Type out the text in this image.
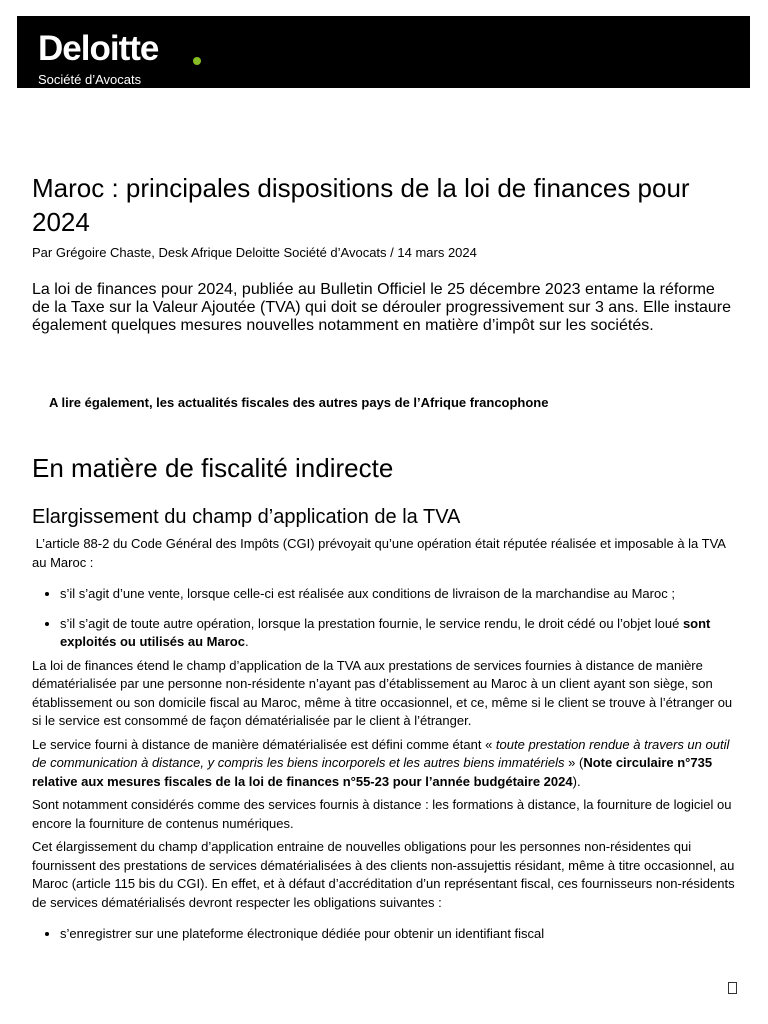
Deloitte
Société d’Avocats
Maroc : principales dispositions de la loi de finances pour 2024

Par Grégoire Chaste, Desk Afrique Deloitte Société d’Avocats / 14 mars 2024

La loi de finances pour 2024, publiée au Bulletin Officiel le 25 décembre 2023 entame la réforme de la Taxe sur la Valeur Ajoutée (TVA) qui doit se dérouler progressivement sur 3 ans. Elle instaure également quelques mesures nouvelles notamment en matière d’impôt sur les sociétés.

A lire également, les actualités fiscales des autres pays de l’Afrique francophone

En matière de fiscalité indirecte
Elargissement du champ d’application de la TVA

L’article 88-2 du Code Général des Impôts (CGI) prévoyait qu’une opération était réputée réalisée et imposable à la TVA au Maroc :

• s’il s’agit d’une vente, lorsque celle-ci est réalisée aux conditions de livraison de la marchandise au Maroc ;
• s’il s’agit de toute autre opération, lorsque la prestation fournie, le service rendu, le droit cédé ou l’objet loué sont exploités ou utilisés au Maroc.

La loi de finances étend le champ d’application de la TVA aux prestations de services fournies à distance de manière dématérialisée par une personne non-résidente n’ayant pas d’établissement au Maroc à un client ayant son siège, son établissement ou son domicile fiscal au Maroc, même à titre occasionnel, et ce, même si le client se trouve à l’étranger ou si le service est consommé de façon dématérialisée par le client à l’étranger.

Le service fourni à distance de manière dématérialisée est défini comme étant « toute prestation rendue à travers un outil de communication à distance, y compris les biens incorporels et les autres biens immatériels » (Note circulaire n°735 relative aux mesures fiscales de la loi de finances n°55-23 pour l’année budgétaire 2024).

Sont notamment considérés comme des services fournis à distance : les formations à distance, la fourniture de logiciel ou encore la fourniture de contenus numériques.

Cet élargissement du champ d’application entraine de nouvelles obligations pour les personnes non-résidentes qui fournissent des prestations de services dématérialisées à des clients non-assujettis résidant, même à titre occasionnel, au Maroc (article 115 bis du CGI). En effet, et à défaut d’accréditation d’un représentant fiscal, ces fournisseurs non-résidents de services dématérialisés devront respecter les obligations suivantes :

• s’enregistrer sur une plateforme électronique dédiée pour obtenir un identifiant fiscal
